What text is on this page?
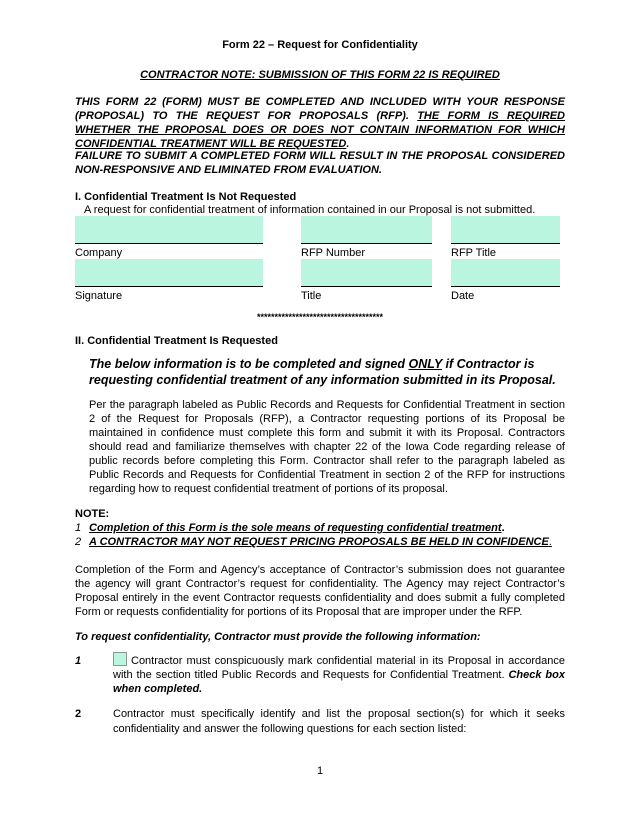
Form 22 – Request for Confidentiality
CONTRACTOR NOTE: SUBMISSION OF THIS FORM 22 IS REQUIRED
THIS FORM 22 (FORM) MUST BE COMPLETED AND INCLUDED WITH YOUR RESPONSE (PROPOSAL) TO THE REQUEST FOR PROPOSALS (RFP). THE FORM IS REQUIRED WHETHER THE PROPOSAL DOES OR DOES NOT CONTAIN INFORMATION FOR WHICH CONFIDENTIAL TREATMENT WILL BE REQUESTED.
FAILURE TO SUBMIT A COMPLETED FORM WILL RESULT IN THE PROPOSAL CONSIDERED NON-RESPONSIVE AND ELIMINATED FROM EVALUATION.
I. Confidential Treatment Is Not Requested
A request for confidential treatment of information contained in our Proposal is not submitted.
Company	RFP Number	RFP Title
Signature	Title	Date
************************************
II. Confidential Treatment Is Requested
The below information is to be completed and signed ONLY if Contractor is requesting confidential treatment of any information submitted in its Proposal.
Per the paragraph labeled as Public Records and Requests for Confidential Treatment in section 2 of the Request for Proposals (RFP), a Contractor requesting portions of its Proposal be maintained in confidence must complete this form and submit it with its Proposal. Contractors should read and familiarize themselves with chapter 22 of the Iowa Code regarding release of public records before completing this Form. Contractor shall refer to the paragraph labeled as Public Records and Requests for Confidential Treatment in section 2 of the RFP for instructions regarding how to request confidential treatment of portions of its proposal.
NOTE:
1 Completion of this Form is the sole means of requesting confidential treatment.
2 A CONTRACTOR MAY NOT REQUEST PRICING PROPOSALS BE HELD IN CONFIDENCE.
Completion of the Form and Agency’s acceptance of Contractor’s submission does not guarantee the agency will grant Contractor’s request for confidentiality. The Agency may reject Contractor’s Proposal entirely in the event Contractor requests confidentiality and does submit a fully completed Form or requests confidentiality for portions of its Proposal that are improper under the RFP.
To request confidentiality, Contractor must provide the following information:
1	Contractor must conspicuously mark confidential material in its Proposal in accordance with the section titled Public Records and Requests for Confidential Treatment. Check box when completed.
2	Contractor must specifically identify and list the proposal section(s) for which it seeks confidentiality and answer the following questions for each section listed:
1
